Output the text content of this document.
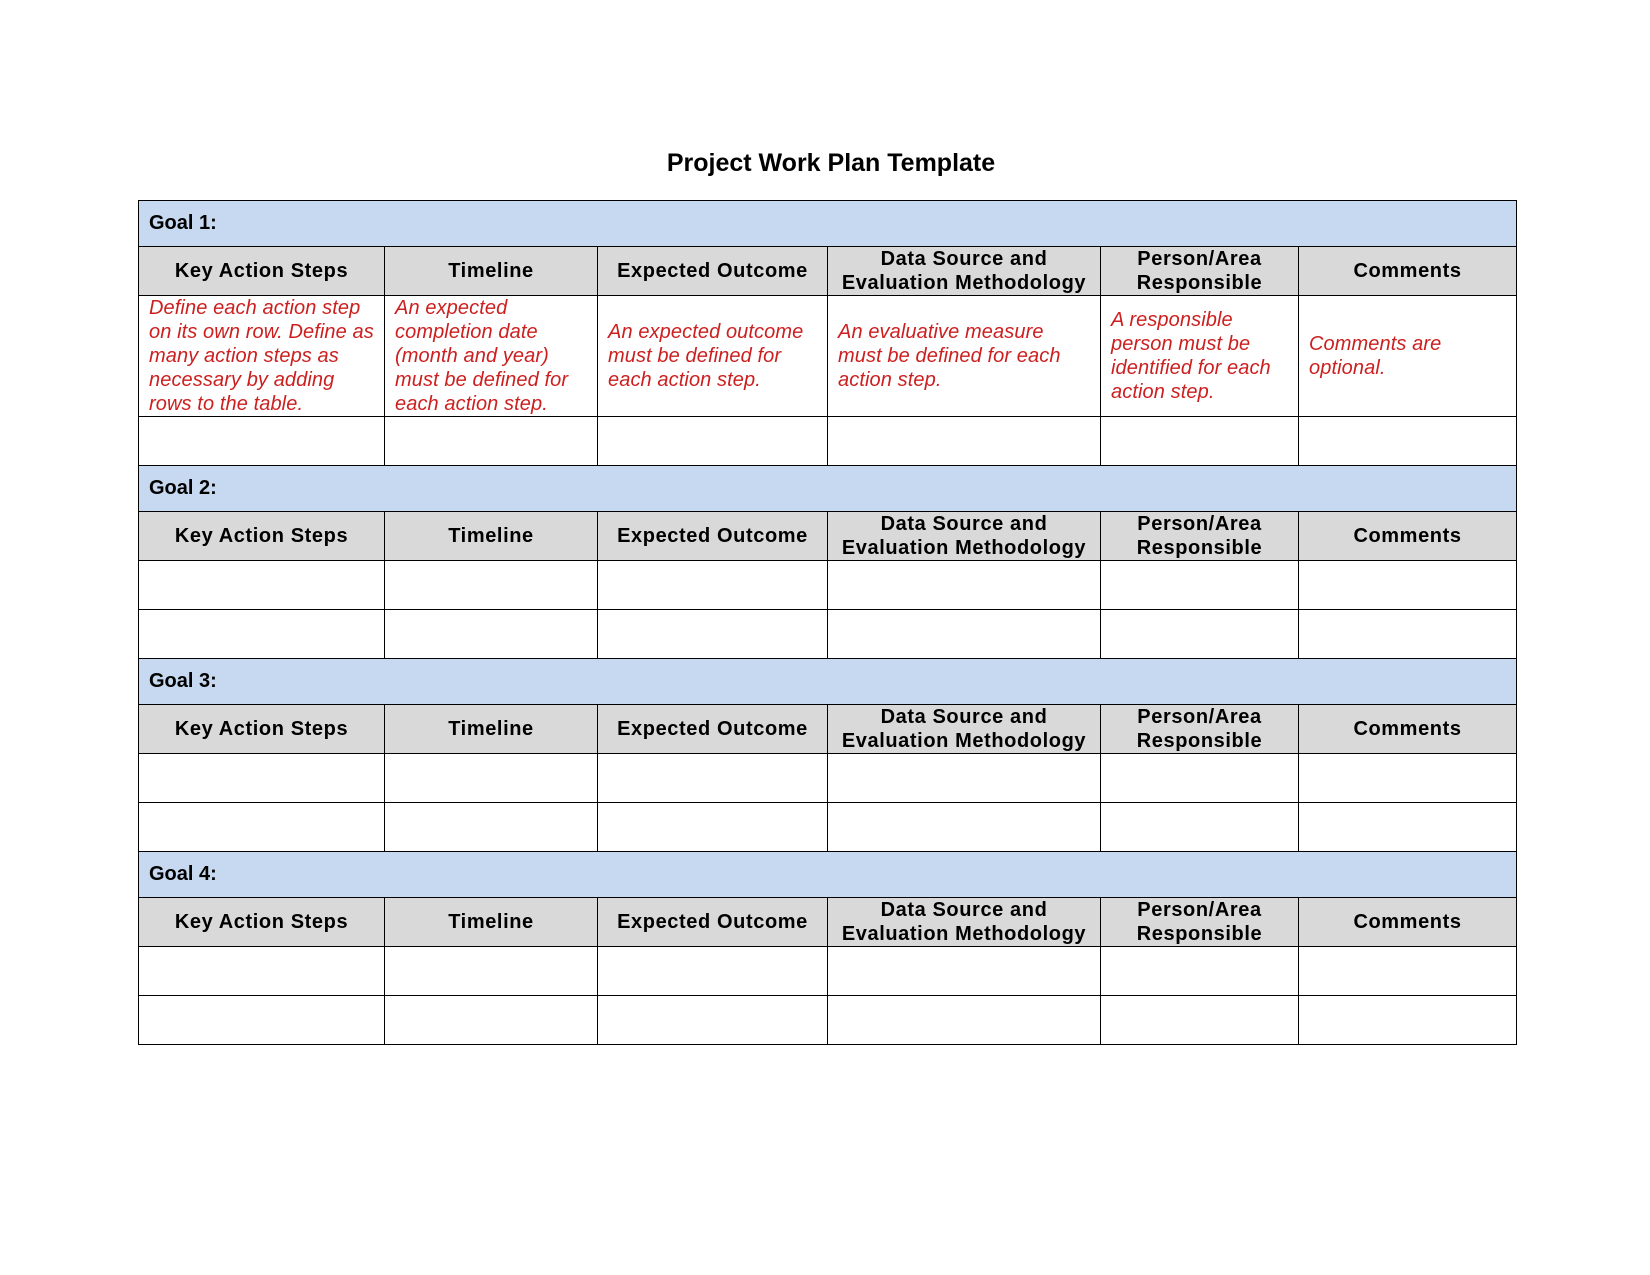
Project Work Plan Template
Goal 1:					
Key Action Steps	Timeline	Expected Outcome	Data Source and Evaluation Methodology	Person/Area Responsible	Comments
Define each action step on its own row. Define as many action steps as necessary by adding rows to the table.	An expected completion date (month and year) must be defined for each action step.	An expected outcome must be defined for each action step.	An evaluative measure must be defined for each action step.	A responsible person must be identified for each action step.	Comments are optional.

Goal 2:					
Key Action Steps	Timeline	Expected Outcome	Data Source and Evaluation Methodology	Person/Area Responsible	Comments

Goal 3:					
Key Action Steps	Timeline	Expected Outcome	Data Source and Evaluation Methodology	Person/Area Responsible	Comments

Goal 4:					
Key Action Steps	Timeline	Expected Outcome	Data Source and Evaluation Methodology	Person/Area Responsible	Comments
